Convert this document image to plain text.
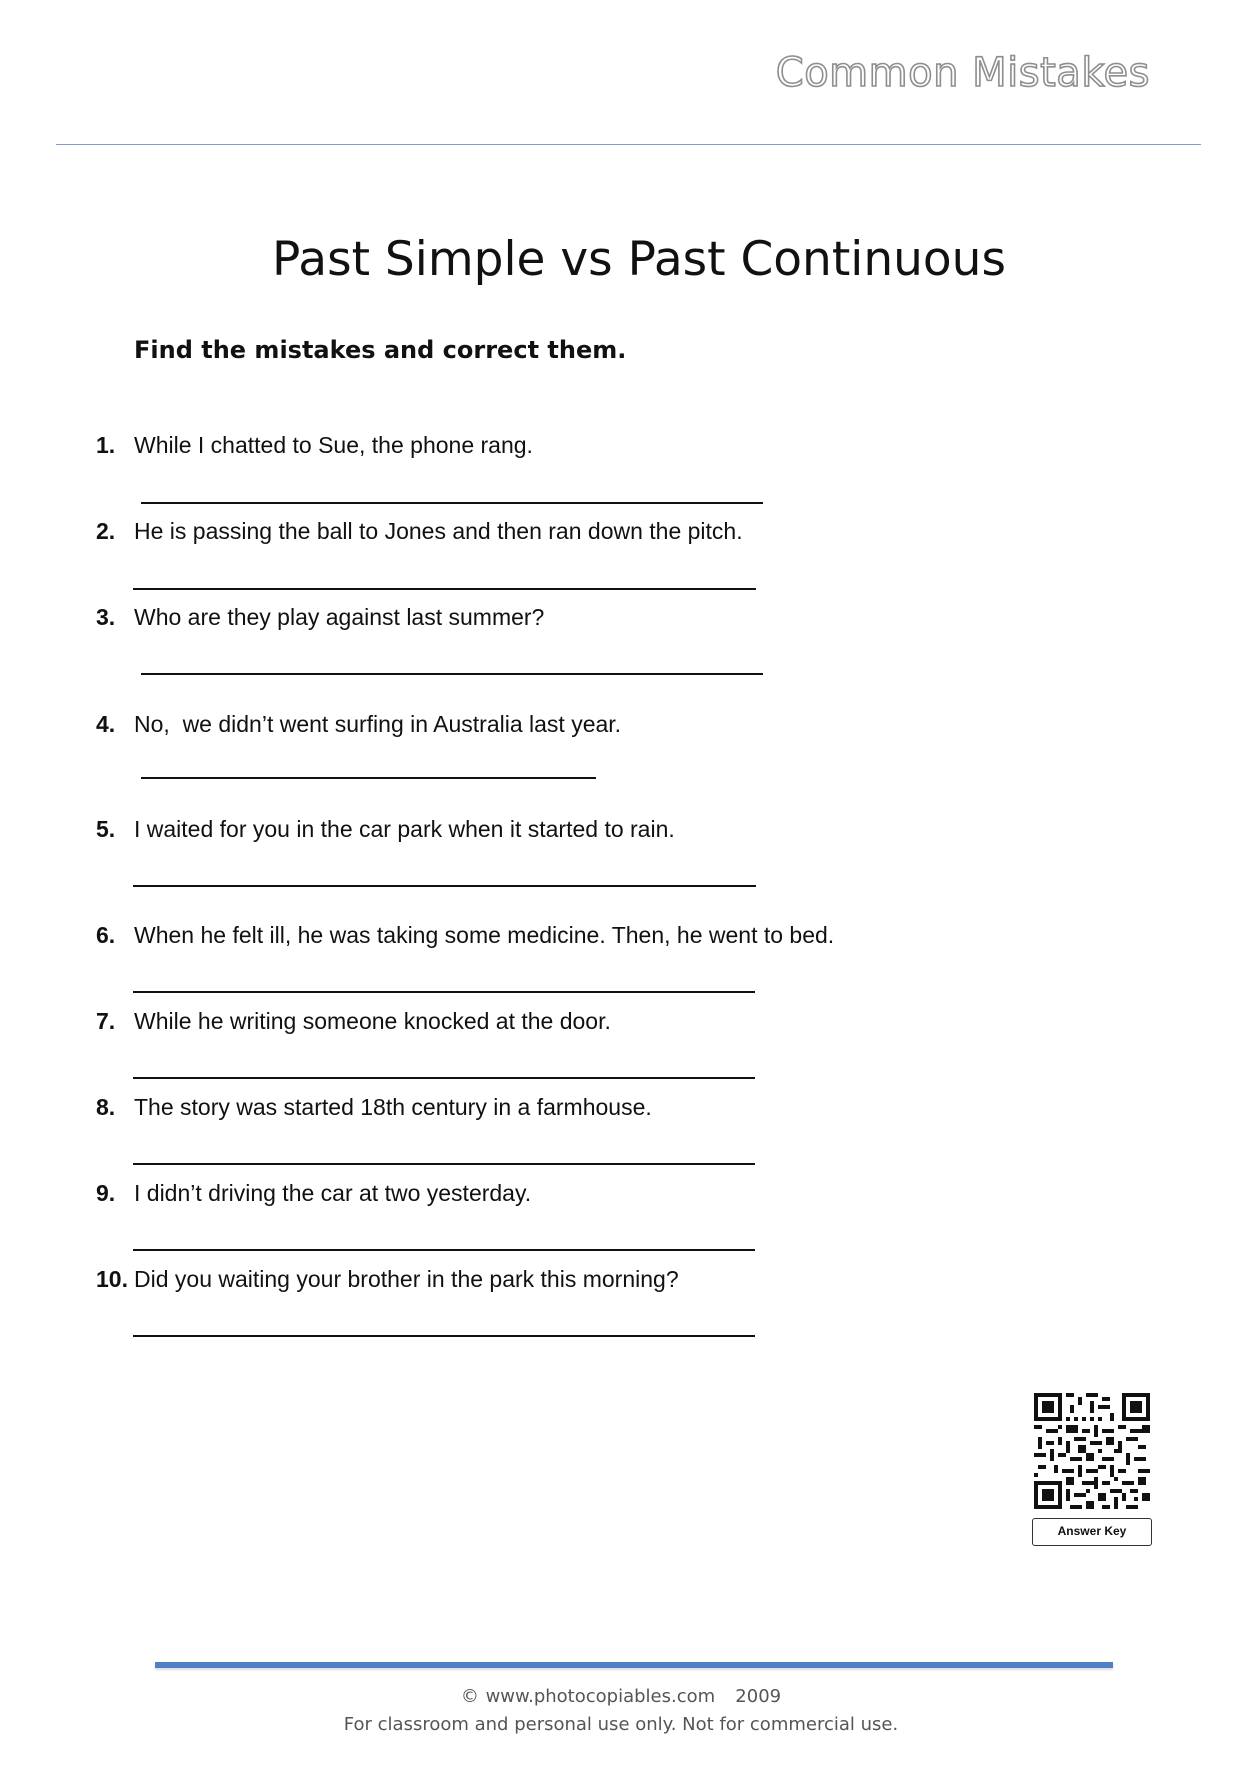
Common Mistakes
Past Simple vs Past Continuous
Find the mistakes and correct them.
1. While I chatted to Sue, the phone rang.
2. He is passing the ball to Jones and then ran down the pitch.
3. Who are they play against last summer?
4. No,  we didn’t went surfing in Australia last year.
5. I waited for you in the car park when it started to rain.
6. When he felt ill, he was taking some medicine. Then, he went to bed.
7. While he writing someone knocked at the door.
8. The story was started 18th century in a farmhouse.
9. I didn’t driving the car at two yesterday.
10. Did you waiting your brother in the park this morning?
Answer Key
© www.photocopiables.com   2009
For classroom and personal use only. Not for commercial use.
